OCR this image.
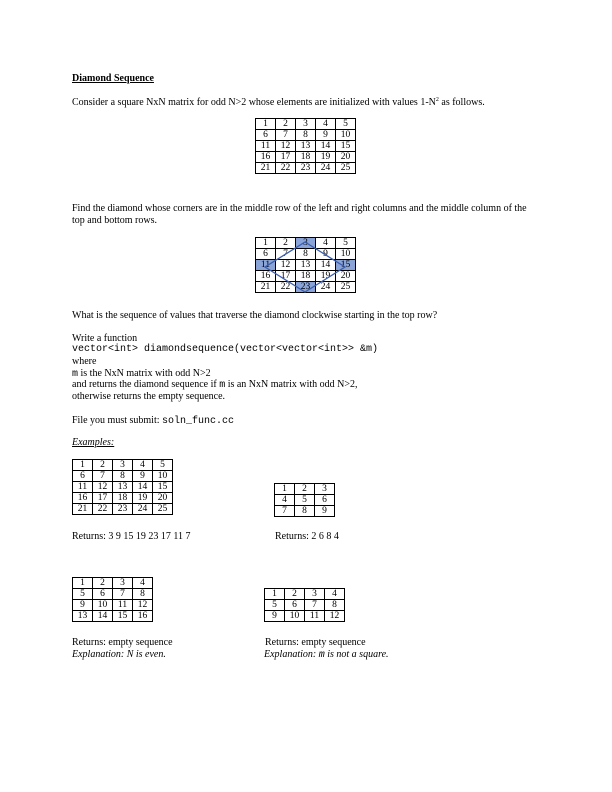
Diamond Sequence
Consider a square NxN matrix for odd N>2 whose elements are initialized with values $1-N^2$ as follows.
1	2	3	4	5
6	7	8	9	10
11	12	13	14	15
16	17	18	19	20
21	22	23	24	25
Find the diamond whose corners are in the middle row of the left and right columns and the middle column of the
top and bottom rows.
1	2	3	4	5
6	7	8	9	10
11	12	13	14	15
16	17	18	19	20
21	22	23	24	25
What is the sequence of values that traverse the diamond clockwise starting in the top row?
Write a function
vector<int> diamondsequence(vector<vector<int>> &m)
where
m is the NxN matrix with odd N>2
and returns the diamond sequence if m is an NxN matrix with odd N>2,
otherwise returns the empty sequence.
File you must submit: soln_func.cc
Examples:
1	2	3	4	5
6	7	8	9	10
11	12	13	14	15
16	17	18	19	20
21	22	23	24	25
Returns: 3 9 15 19 23 17 11 7
1	2	3
4	5	6
7	8	9
Returns: 2 6 8 4
1	2	3	4
5	6	7	8
9	10	11	12
13	14	15	16
Returns: empty sequence
Explanation: N is even.
1	2	3	4
5	6	7	8
9	10	11	12
Returns: empty sequence
Explanation: m is not a square.
